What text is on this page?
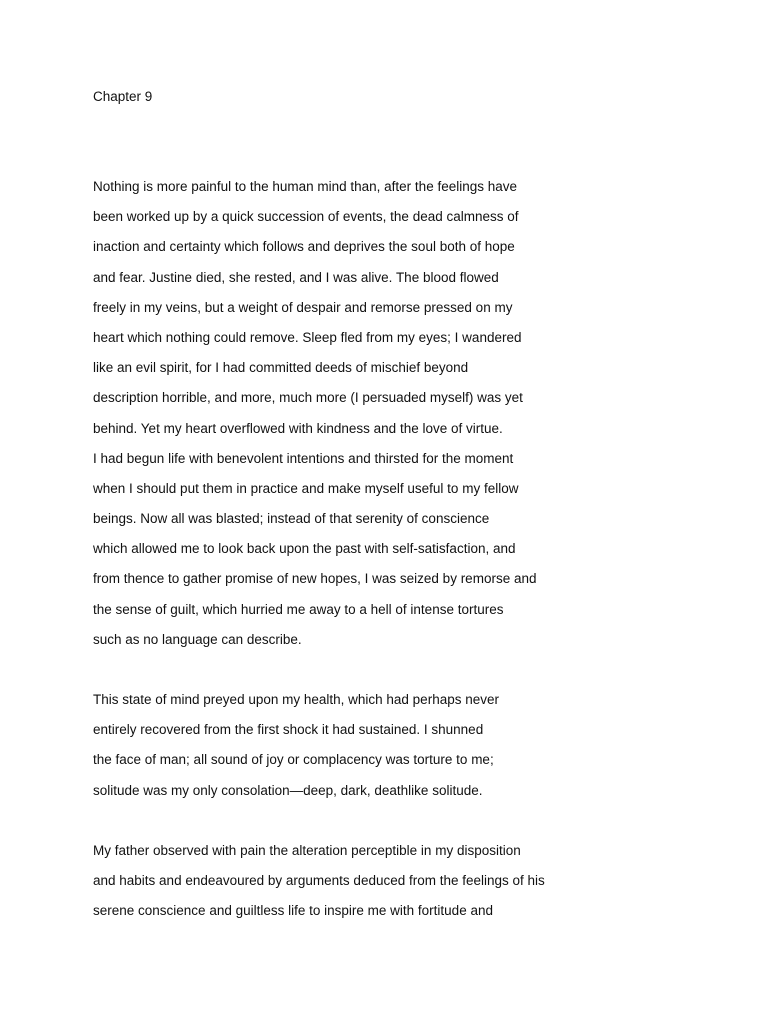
Chapter 9
Nothing is more painful to the human mind than, after the feelings have
been worked up by a quick succession of events, the dead calmness of
inaction and certainty which follows and deprives the soul both of hope
and fear. Justine died, she rested, and I was alive. The blood flowed
freely in my veins, but a weight of despair and remorse pressed on my
heart which nothing could remove. Sleep fled from my eyes; I wandered
like an evil spirit, for I had committed deeds of mischief beyond
description horrible, and more, much more (I persuaded myself) was yet
behind. Yet my heart overflowed with kindness and the love of virtue.
I had begun life with benevolent intentions and thirsted for the moment
when I should put them in practice and make myself useful to my fellow
beings. Now all was blasted; instead of that serenity of conscience
which allowed me to look back upon the past with self-satisfaction, and
from thence to gather promise of new hopes, I was seized by remorse and
the sense of guilt, which hurried me away to a hell of intense tortures
such as no language can describe.
This state of mind preyed upon my health, which had perhaps never
entirely recovered from the first shock it had sustained. I shunned
the face of man; all sound of joy or complacency was torture to me;
solitude was my only consolation—deep, dark, deathlike solitude.
My father observed with pain the alteration perceptible in my disposition
and habits and endeavoured by arguments deduced from the feelings of his
serene conscience and guiltless life to inspire me with fortitude and
